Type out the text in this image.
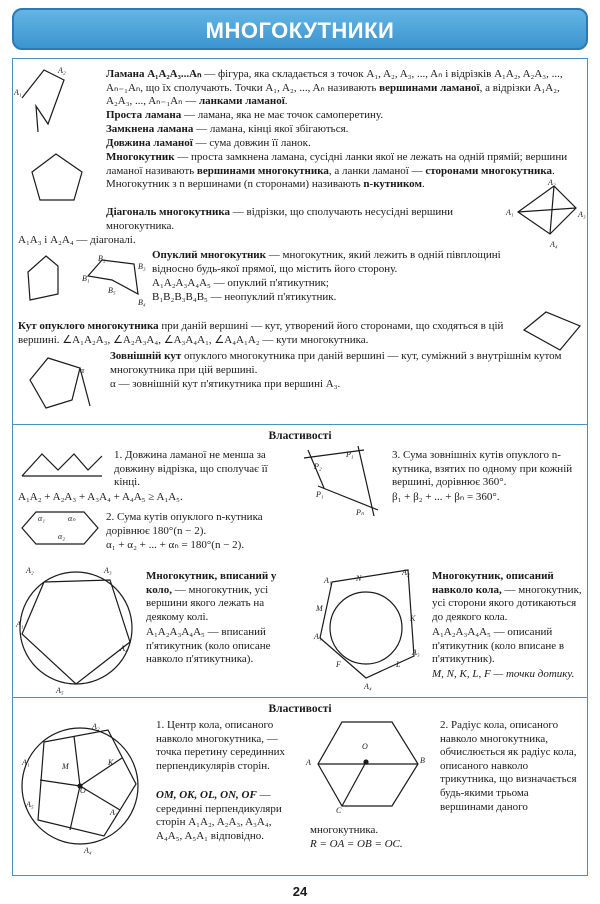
МНОГОКУТНИКИ
A₁
A₂	Ламана A₁A₂A₃...Aₙ — фігура, яка складається з точок A₁, A₂, A₃, ..., Aₙ і відрізків A₁A₂, A₂A₃, ..., Aₙ₋₁Aₙ, що їх сполучають. Точки A₁, A₂, ..., Aₙ називають вершинами ламаної, а відрізки A₁A₂, A₂A₃, ..., Aₙ₋₁Aₙ — ланками ламаної.

Проста ламана — ламана, яка не має точок самоперетину.

Замкнена ламана — ламана, кінці якої збігаються.

Довжина ламаної — сума довжин її ланок.

Многокутник — проста замкнена ламана, сусідні ланки якої не лежать на одній прямій; вершини ламаної називають вершинами многокутника, а ланки ламаної — сторонами многокутника. Многокутник з n вершинами (n сторонами) називають n-кутником.

A₁
A₂
A₃
A₄

Діагональ многокутника — відрізки, що сполучають несусідні вершини многокутника.

A₁A₃ і A₂A₄ — діагоналі.

B₁
B₂
B₅
B₃
B₄

Опуклий многокутник — многокутник, який лежить в одній півплощині відносно будь-якої прямої, що містить його сторону.

A₁A₂A₃A₄A₅ — опуклий п'ятикутник;

B₁B₂B₃B₄B₅ — неопуклий п'ятикутник.

Кут опуклого многокутника при даній вершині — кут, утворений його сторонами, що сходяться в цій вершині. ∠A₁A₂A₃, ∠A₂A₃A₄, ∠A₃A₄A₁, ∠A₄A₁A₂ — кути многокутника.

α

Зовнішній кут опуклого многокутника при даній вершині — кут, суміжний з внутрішнім кутом многокутника при цій вершині.

α — зовнішній кут п'ятикутника при вершині A₃.

Властивості

1. Довжина ламаної не менша за довжину відрізка, що сполучає її кінці.

A₁A₂ + A₂A₃ + A₃A₄ + A₄A₅ ≥ A₁A₅.

α₁	αₙ
α₂

2. Сума кутів опуклого n-кутника дорівнює 180°(n − 2).

α₁ + α₂ + ... + αₙ = 180°(n − 2).

P₂
P₁
P₁
Pₙ

3. Сума зовнішніх кутів опуклого n-кутника, взятих по одному при кожній вершині, дорівнює 360°.

β₁ + β₂ + ... + βₙ = 360°.

A₂	A₃
A₁
A₄
A₅

Многокутник, вписаний у коло, — многокутник, усі вершини якого лежать на деякому колі.

A₁A₂A₃A₄A₅ — вписаний п'ятикутник (коло описане навколо п'ятикутника).

A₁	N
A₂
M
K
A₁
F	L
A₃
A₄

Многокутник, описаний навколо кола, — многокутник, усі сторони якого дотикаються до деякого кола.

A₁A₂A₃A₄A₅ — описаний п'ятикутник (коло вписане в п'ятикутник).

M, N, K, L, F — точки дотику.

Властивості
A₁
A₂
M	K
O
A₅
A₃
A₄

1. Центр кола, описаного навколо многокутника, — точка перетину серединних перпендикулярів сторін.

OM, OK, OL, ON, OF — серединні перпендикуляри сторін A₁A₂, A₂A₃, A₃A₄, A₄A₅, A₅A₁ відповідно.

O
A	B
C

многокутника.

R = OA = OB = OC.

2. Радіус кола, описаного навколо многокутника, обчислюється як радіус кола, описаного навколо трикутника, що визначається будь-якими трьома вершинами даного

24
